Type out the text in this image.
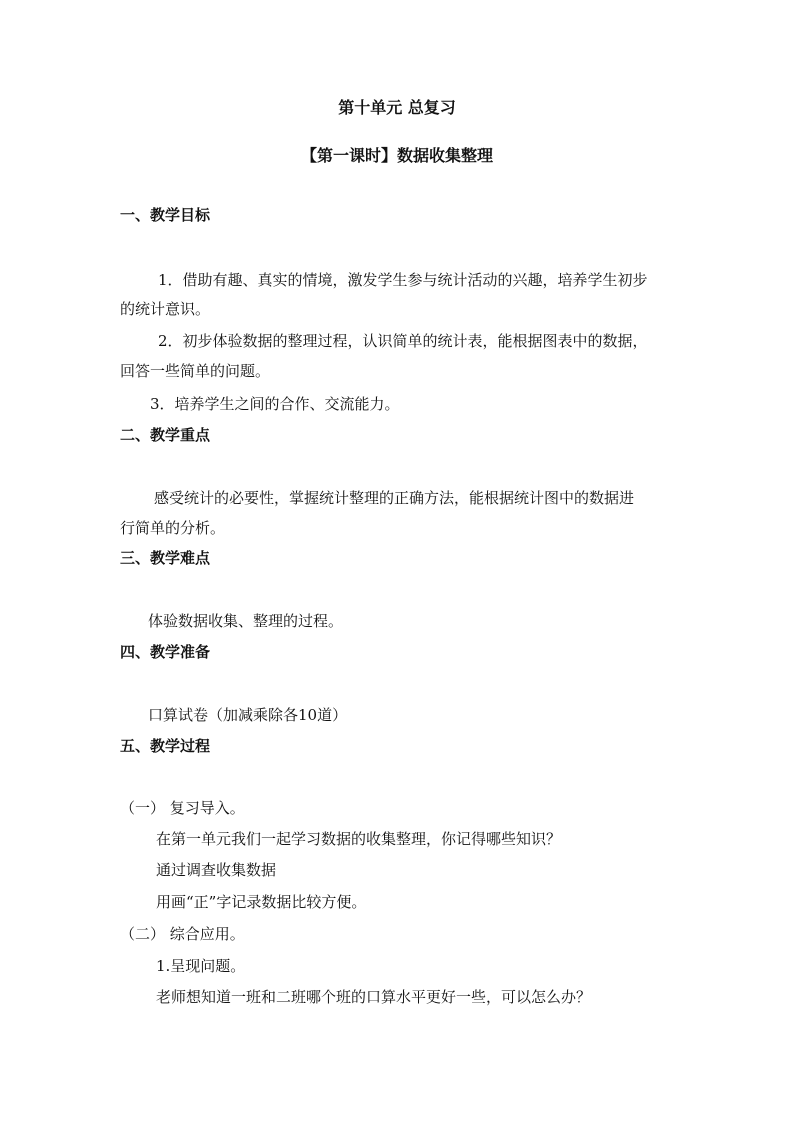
第十单元 总复习
【第一课时】数据收集整理
一、教学目标
1．借助有趣、真实的情境，激发学生参与统计活动的兴趣，培养学生初步
的统计意识。
2．初步体验数据的整理过程，认识简单的统计表，能根据图表中的数据，
回答一些简单的问题。
3．培养学生之间的合作、交流能力。
二、教学重点
感受统计的必要性，掌握统计整理的正确方法，能根据统计图中的数据进
行简单的分析。
三、教学难点
体验数据收集、整理的过程。
四、教学准备
口算试卷（加减乘除各10道）
五、教学过程
（一） 复习导入。
在第一单元我们一起学习数据的收集整理，你记得哪些知识？
通过调查收集数据
用画“正”字记录数据比较方便。
（二） 综合应用。
1.呈现问题。
老师想知道一班和二班哪个班的口算水平更好一些，可以怎么办？
